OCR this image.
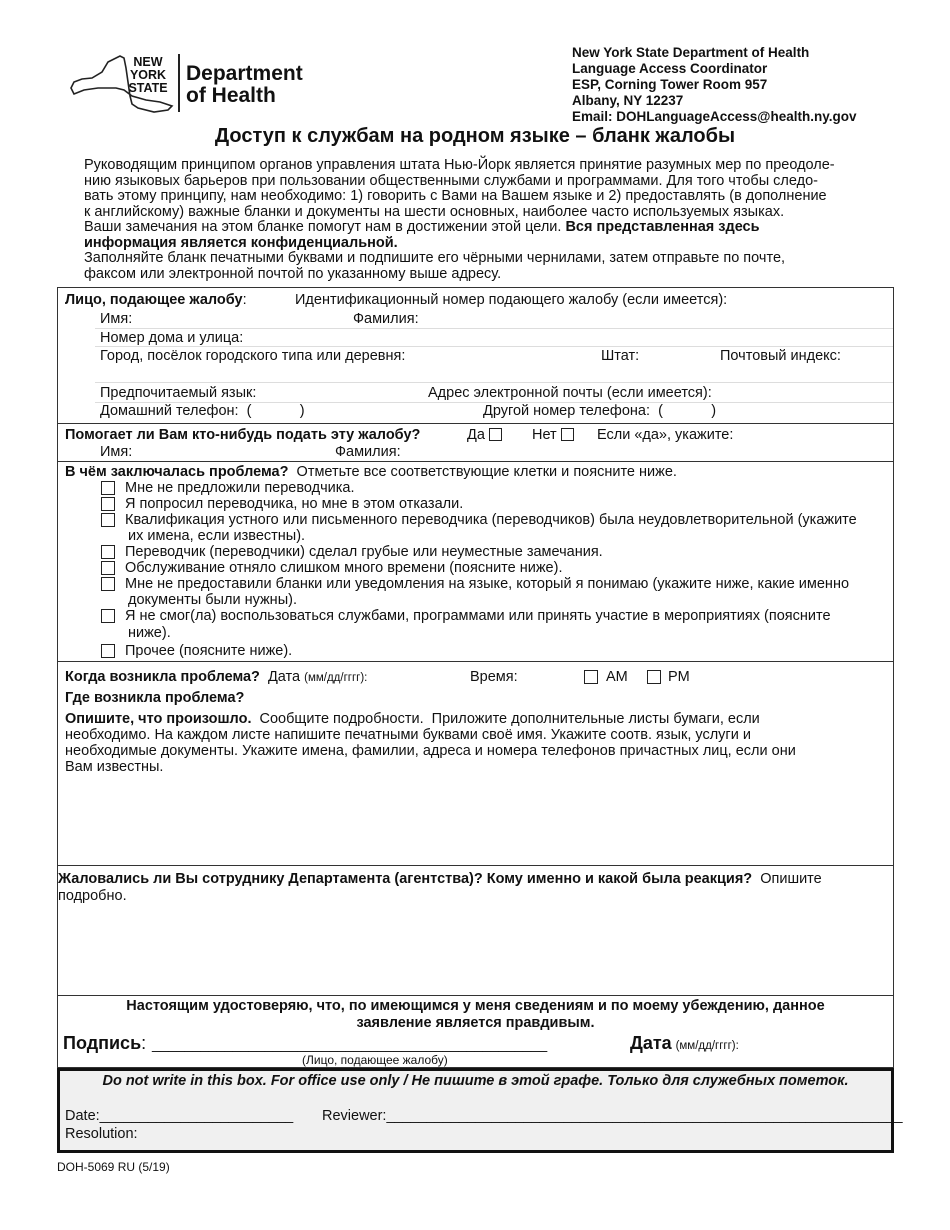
NEW
YORK
STATE
Department
of Health
New York State Department of Health
Language Access Coordinator
ESP, Corning Tower Room 957
Albany, NY 12237
Email: DOHLanguageAccess@health.ny.gov
Доступ к службам на родном языке – бланк жалобы
Руководящим принципом органов управления штата Нью-Йорк является принятие разумных мер по преодоле-
нию языковых барьеров при пользовании общественными службами и программами. Для того чтобы следо-
вать этому принципу, нам необходимо: 1) говорить с Вами на Вашем языке и 2) предоставлять (в дополнение
к английскому) важные бланки и документы на шести основных, наиболее часто используемых языках.
Ваши замечания на этом бланке помогут нам в достижении этой цели. Вся представленная здесь
информация является конфиденциальной.
Заполняйте бланк печатными буквами и подпишите его чёрными чернилами, затем отправьте по почте,
факсом или электронной почтой по указанному выше адресу.
Лицо, подающее жалобу:	Идентификационный номер подающего жалобу (если имеется):
Имя:	Фамилия:
Номер дома и улица:
Город, посёлок городского типа или деревня:	Штат:	Почтовый индекс:
Предпочитаемый язык:	Адрес электронной почты (если имеется):
Домашний телефон:  (            )	Другой номер телефона:  (            )
Помогает ли Вам кто-нибудь подать эту жалобу?	Да	Нет	Если «да», укажите:
Имя:	Фамилия:
В чём заключалась проблема? Отметьте все соответствующие клетки и поясните ниже.
Мне не предложили переводчика.
Я попросил переводчика, но мне в этом отказали.
Квалификация устного или письменного переводчика (переводчиков) была неудовлетворительной (укажите
их имена, если известны).
Переводчик (переводчики) сделал грубые или неуместные замечания.
Обслуживание отняло слишком много времени (поясните ниже).
Мне не предоставили бланки или уведомления на языке, который я понимаю (укажите ниже, какие именно
документы были нужны).
Я не смог(ла) воспользоваться службами, программами или принять участие в мероприятиях (поясните
ниже).
Прочее (поясните ниже).
Когда возникла проблема? Дата (мм/дд/гггг):	Время:	AM	PM
Где возникла проблема?
Опишите, что произошло.  Сообщите подробности.  Приложите дополнительные листы бумаги, если
необходимо. На каждом листе напишите печатными буквами своё имя. Укажите соотв. язык, услуги и
необходимые документы. Укажите имена, фамилии, адреса и номера телефонов причастных лиц, если они
Вам известны.
Жаловались ли Вы сотруднику Департамента (агентства)? Кому именно и какой была реакция?  Опишите
подробно.
Настоящим удостоверяю, что, по имеющимся у меня сведениям и по моему убеждению, данное
заявление является правдивым.
Подпись: _________________________________________________
(Лицо, подающее жалобу)
Дата (мм/дд/гггг):
Do not write in this box. For office use only / Не пишите в этой графе. Только для служебных пометок.
Date:________________________ Reviewer:________________________________________________________________
Resolution:
DOH-5069 RU (5/19)
